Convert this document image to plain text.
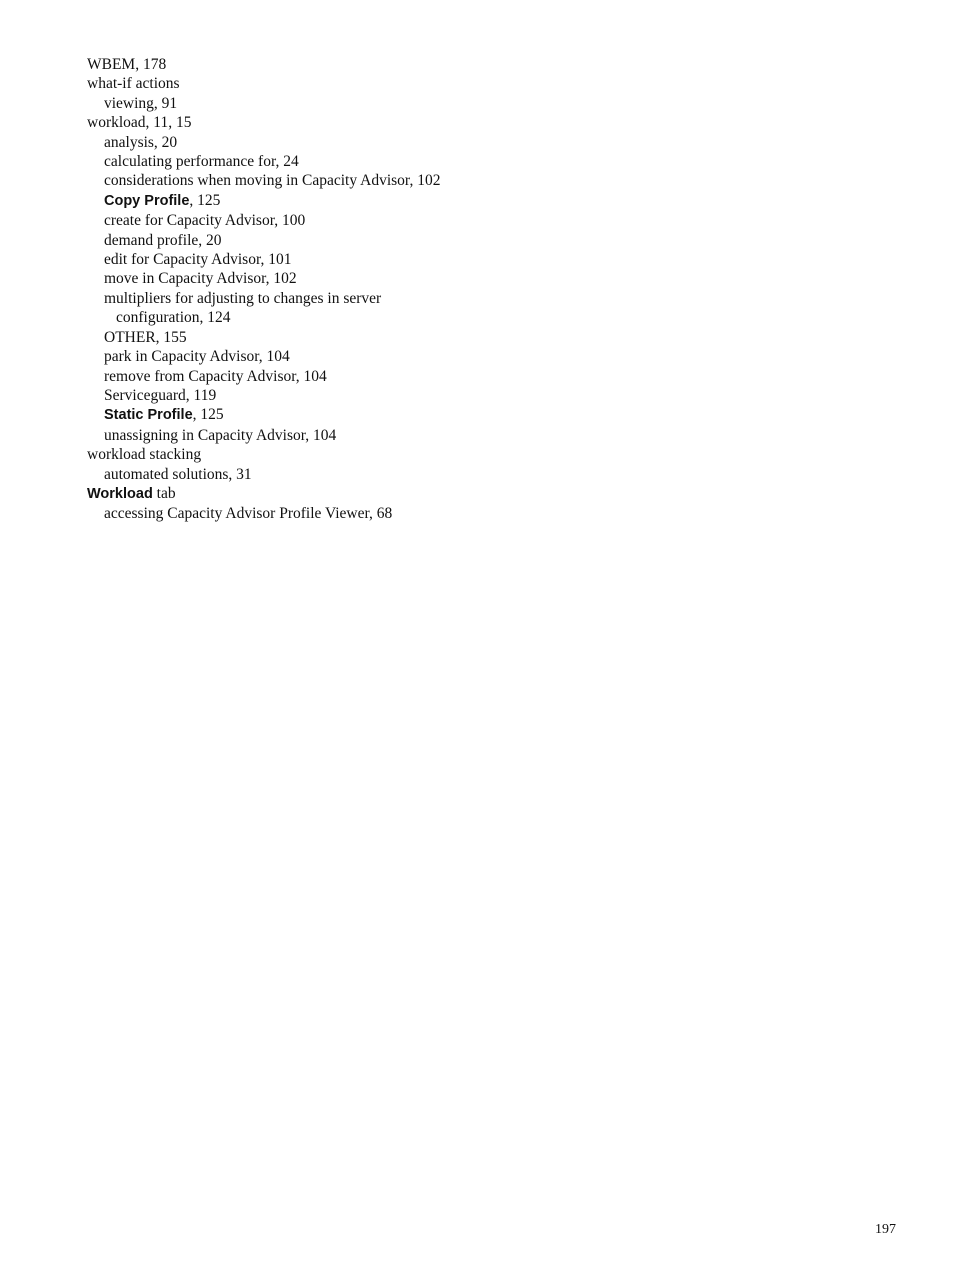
WBEM, 178
what-if actions
viewing, 91
workload, 11, 15
analysis, 20
calculating performance for, 24
considerations when moving in Capacity Advisor, 102
Copy Profile, 125
create for Capacity Advisor, 100
demand profile, 20
edit for Capacity Advisor, 101
move in Capacity Advisor, 102
multipliers for adjusting to changes in server
configuration, 124
OTHER, 155
park in Capacity Advisor, 104
remove from Capacity Advisor, 104
Serviceguard, 119
Static Profile, 125
unassigning in Capacity Advisor, 104
workload stacking
automated solutions, 31
Workload tab
accessing Capacity Advisor Profile Viewer, 68
197
